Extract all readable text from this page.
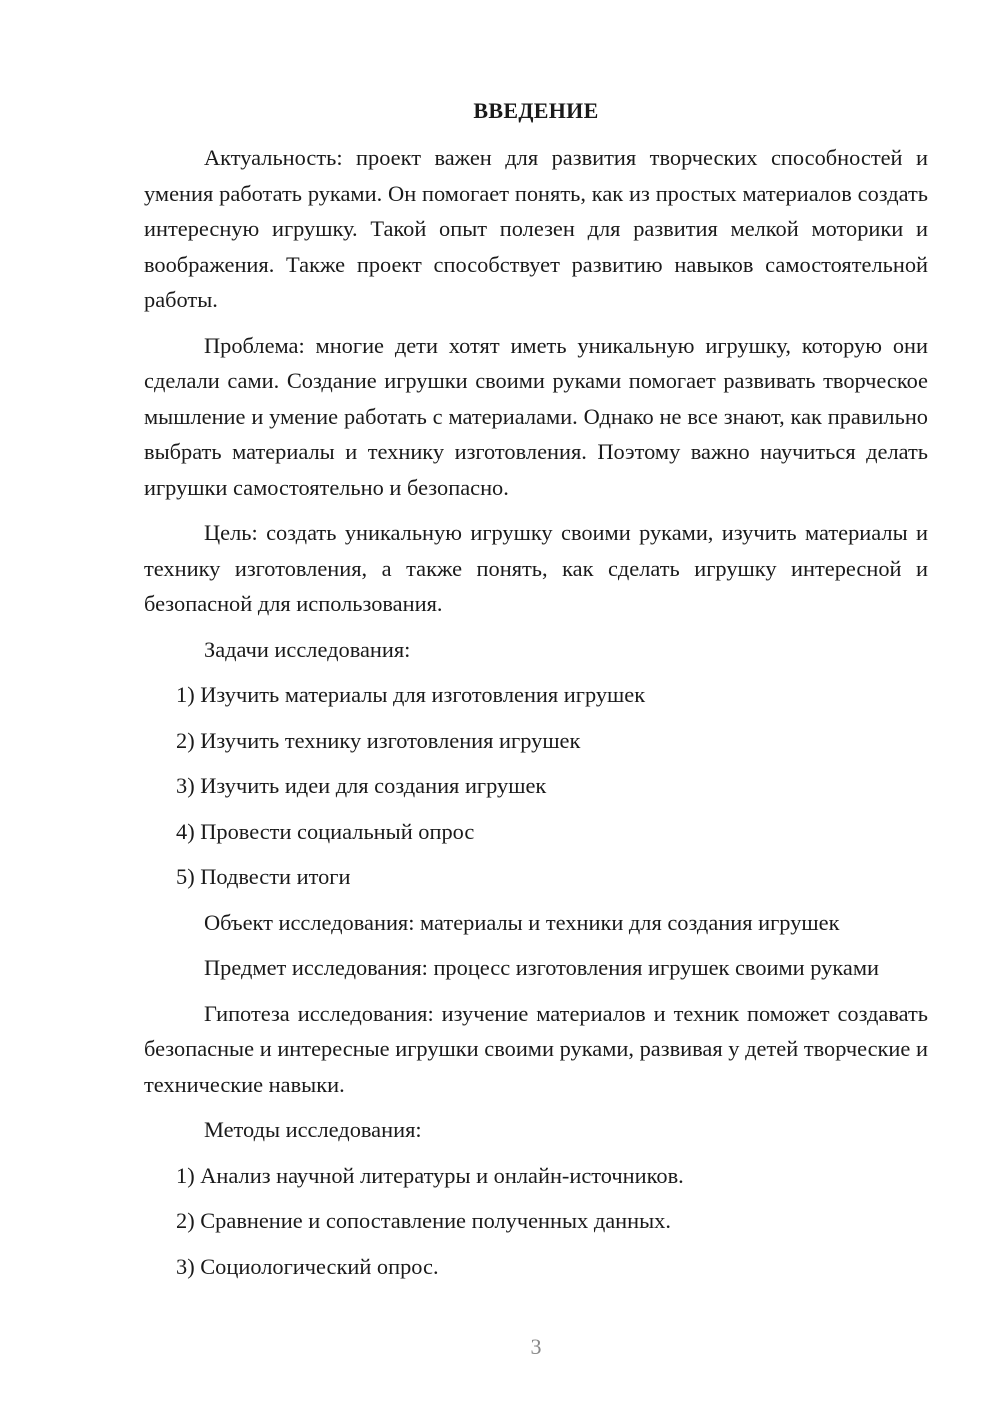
ВВЕДЕНИЕ

Актуальность: проект важен для развития творческих способностей и умения работать руками. Он помогает понять, как из простых материалов создать интересную игрушку. Такой опыт полезен для развития мелкой моторики и воображения. Также проект способствует развитию навыков самостоятельной работы.

Проблема: многие дети хотят иметь уникальную игрушку, которую они сделали сами. Создание игрушки своими руками помогает развивать творческое мышление и умение работать с материалами. Однако не все знают, как правильно выбрать материалы и технику изготовления. Поэтому важно научиться делать игрушки самостоятельно и безопасно.

Цель: создать уникальную игрушку своими руками, изучить материалы и технику изготовления, а также понять, как сделать игрушку интересной и безопасной для использования.

Задачи исследования:

1) Изучить материалы для изготовления игрушек

2) Изучить технику изготовления игрушек

3) Изучить идеи для создания игрушек

4) Провести социальный опрос

5) Подвести итоги

Объект исследования: материалы и техники для создания игрушек

Предмет исследования: процесс изготовления игрушек своими руками

Гипотеза исследования: изучение материалов и техник поможет создавать безопасные и интересные игрушки своими руками, развивая у детей творческие и технические навыки.

Методы исследования:

1) Анализ научной литературы и онлайн-источников.

2) Сравнение и сопоставление полученных данных.

3) Социологический опрос.

3
